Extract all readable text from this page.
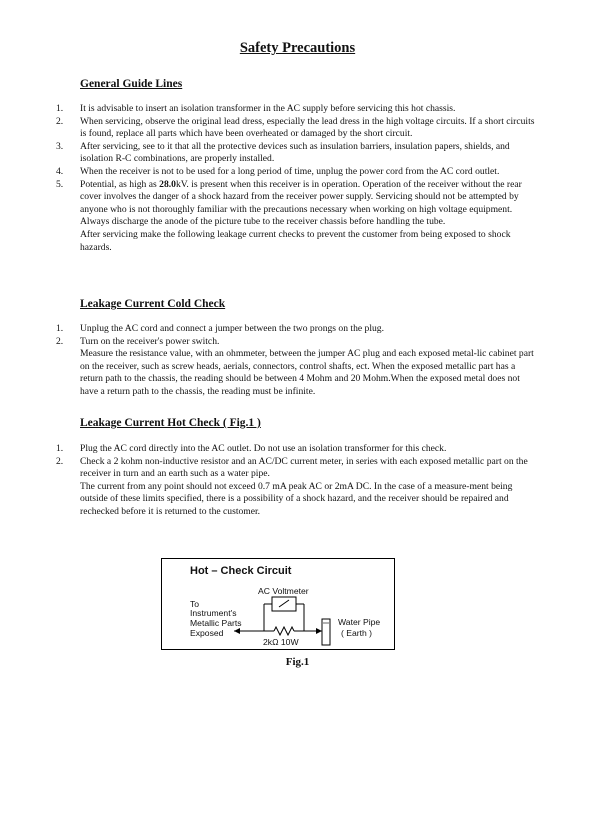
Safety Precautions
General Guide Lines
1. It is advisable to insert an isolation transformer in the AC supply before servicing this hot chassis.
2. When servicing, observe the original lead dress, especially the lead dress in the high voltage circuits. If a short circuits is found, replace all parts which have been overheated or damaged by the short circuit.
3. After servicing, see to it that all the protective devices such as insulation barriers, insulation papers, shields, and isolation R-C combinations, are properly installed.
4. When the receiver is not to be used for a long period of time, unplug the power cord from the AC cord outlet.
5. Potential, as high as 28.0kV. is present when this receiver is in operation. Operation of the receiver without the rear cover involves the danger of a shock hazard from the receiver power supply. Servicing should not be attempted by anyone who is not thoroughly familiar with the precautions necessary when working on high voltage equipment. Always discharge the anode of the picture tube to the receiver chassis before handling the tube.
After servicing make the following leakage current checks to prevent the customer from being exposed to shock hazards.
Leakage Current Cold Check
1. Unplug the AC cord and connect a jumper between the two prongs on the plug.
2. Turn on the receiver's power switch.
Measure the resistance value, with an ohmmeter, between the jumper AC plug and each exposed metal-lic cabinet part on the receiver, such as screw heads, aerials, connectors, control shafts, ect. When the exposed metallic part has a return path to the chassis, the reading should be between 4 Mohm and 20 Mohm.When the exposed metal does not have a return path to the chassis, the reading must be infinite.
Leakage Current Hot Check ( Fig.1 )
1. Plug the AC cord directly into the AC outlet. Do not use an isolation transformer for this check.
2. Check a 2 kohm non-inductive resistor and an AC/DC current meter, in series with each exposed metallic part on the receiver in turn and an earth such as a water pipe.
The current from any point should not exceed 0.7 mA peak AC or 2mA DC. In the case of a measure-ment being outside of these limits specified, there is a possibility of a shock hazard, and the receiver should be repaired and rechecked before it is returned to the customer.
Hot – Check Circuit
AC Voltmeter
To
Instrument's
Metallic Parts
Exposed
Water Pipe
( Earth )
2kΩ 10W
Fig.1
